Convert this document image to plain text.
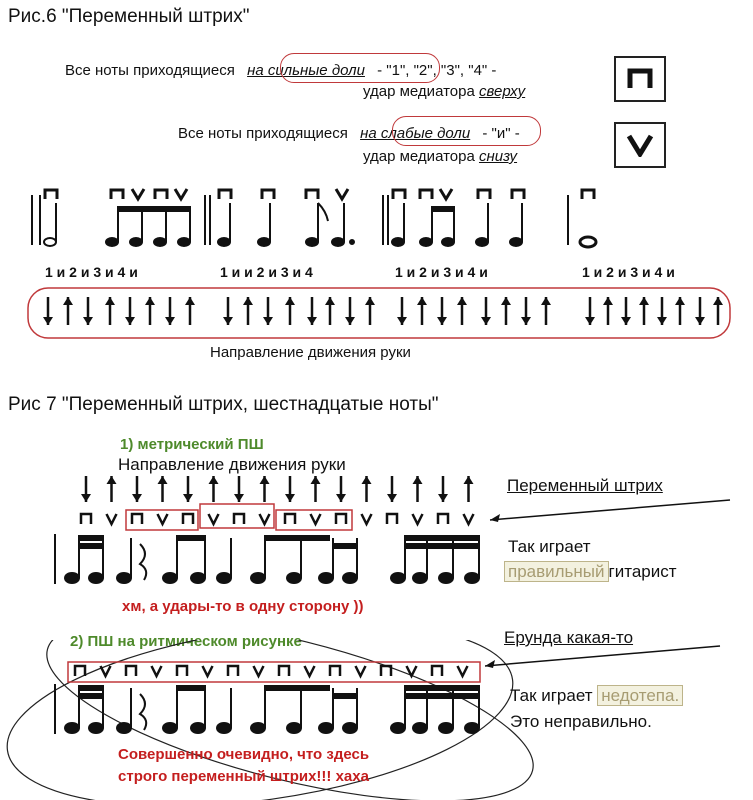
Рис.6 "Переменный штрих"
Все ноты приходящиеся на сильные доли - "1", "2", "3", "4" -
удар медиатора сверху
Все ноты приходящиеся на слабые доли - "и" -
удар медиатора снизу
1 и 2 и 3 и 4 и	1 и и 2 и 3 и 4	1 и 2 и 3 и 4 и	1 и 2 и 3 и 4 и
Направление движения руки
Рис 7 "Переменный штрих, шестнадцатые ноты"
1) метрический ПШ
Направление движения руки
Переменный штрих
Так играет
правильный гитарист
хм, а удары-то в одну сторону ))
2) ПШ на ритмическом рисунке	Ерунда какая-то
Так играет недотепа.
Это неправильно.
Совершенно очевидно, что здесь
строго переменный штрих!!! хаха
